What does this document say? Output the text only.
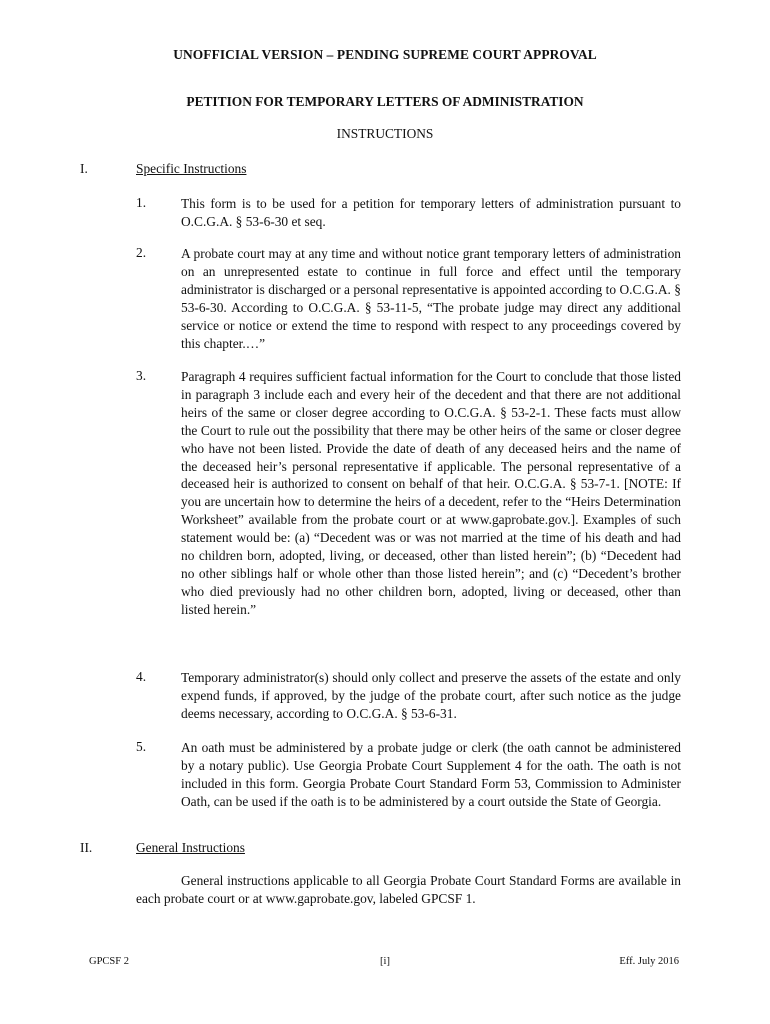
UNOFFICIAL VERSION – PENDING SUPREME COURT APPROVAL
PETITION FOR TEMPORARY LETTERS OF ADMINISTRATION
INSTRUCTIONS
I.	Specific Instructions
1.	This form is to be used for a petition for temporary letters of administration pursuant to O.C.G.A. § 53-6-30 et seq.
2.	A probate court may at any time and without notice grant temporary letters of administration on an unrepresented estate to continue in full force and effect until the temporary administrator is discharged or a personal representative is appointed according to O.C.G.A. § 53-6-30. According to O.C.G.A. § 53-11-5, “The probate judge may direct any additional service or notice or extend the time to respond with respect to any proceedings covered by this chapter.…”
3.	Paragraph 4 requires sufficient factual information for the Court to conclude that those listed in paragraph 3 include each and every heir of the decedent and that there are not additional heirs of the same or closer degree according to O.C.G.A. § 53-2-1. These facts must allow the Court to rule out the possibility that there may be other heirs of the same or closer degree who have not been listed. Provide the date of death of any deceased heirs and the name of the deceased heir’s personal representative if applicable. The personal representative of a deceased heir is authorized to consent on behalf of that heir. O.C.G.A. § 53-7-1. [NOTE: If you are uncertain how to determine the heirs of a decedent, refer to the “Heirs Determination Worksheet” available from the probate court or at www.gaprobate.gov.]. Examples of such statement would be: (a) “Decedent was or was not married at the time of his death and had no children born, adopted, living, or deceased, other than listed herein”; (b) “Decedent had no other siblings half or whole other than those listed herein”; and (c) “Decedent’s brother who died previously had no other children born, adopted, living or deceased, other than listed herein.”
4.	Temporary administrator(s) should only collect and preserve the assets of the estate and only expend funds, if approved, by the judge of the probate court, after such notice as the judge deems necessary, according to O.C.G.A. § 53-6-31.
5.	An oath must be administered by a probate judge or clerk (the oath cannot be administered by a notary public). Use Georgia Probate Court Supplement 4 for the oath. The oath is not included in this form. Georgia Probate Court Standard Form 53, Commission to Administer Oath, can be used if the oath is to be administered by a court outside the State of Georgia.
II.	General Instructions
General instructions applicable to all Georgia Probate Court Standard Forms are available in each probate court or at www.gaprobate.gov, labeled GPCSF 1.
GPCSF 2	[i]	Eff. July 2016
